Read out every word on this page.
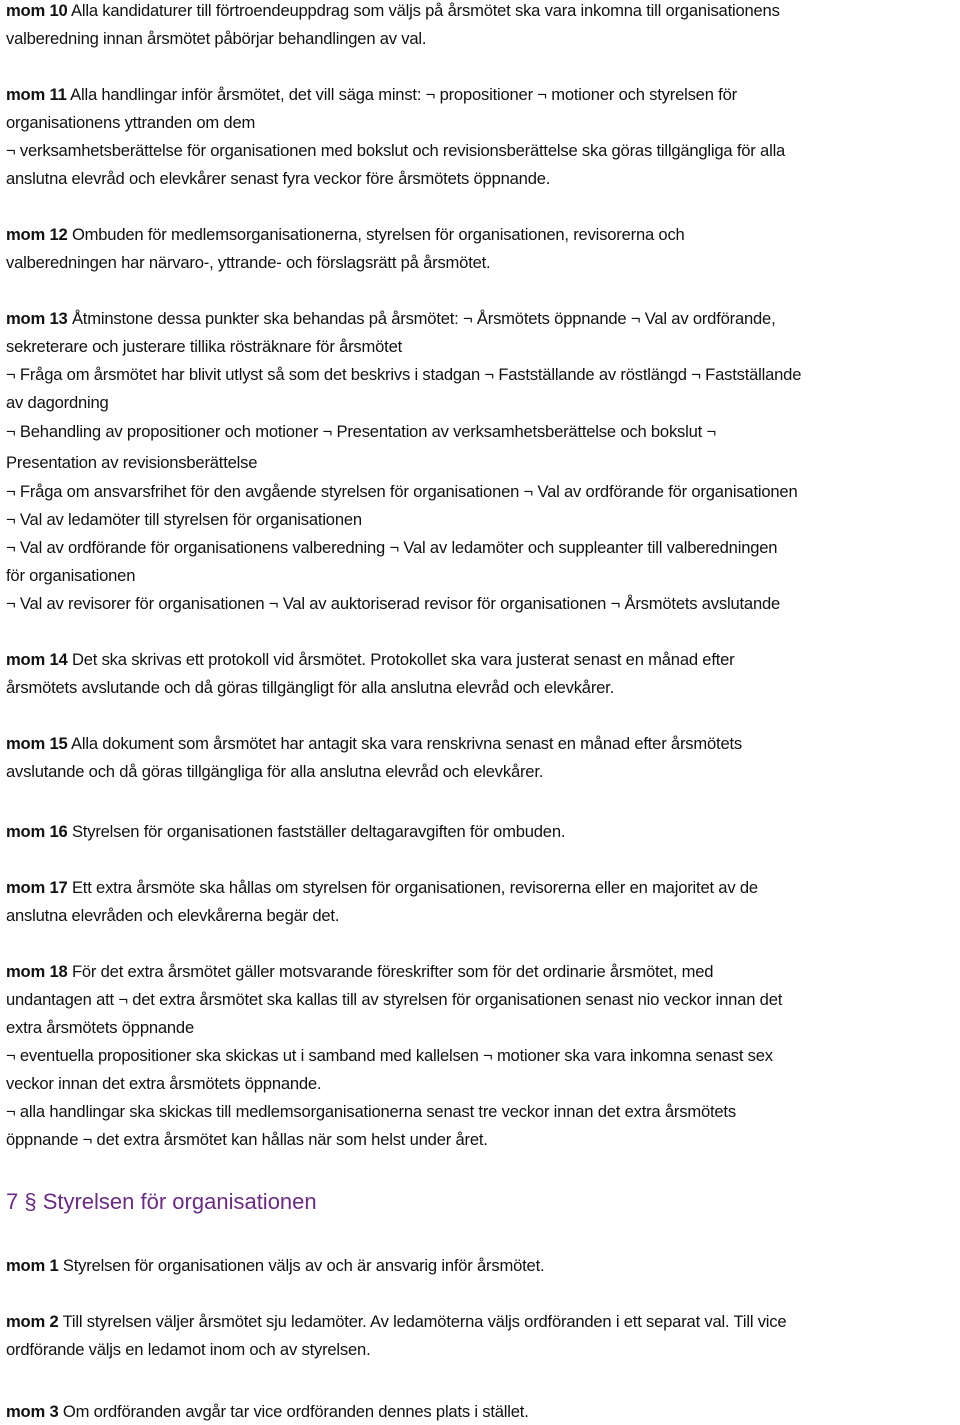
mom 10 Alla kandidaturer till förtroendeuppdrag som väljs på årsmötet ska vara inkomna till organisationens
valberedning innan årsmötet påbörjar behandlingen av val.
mom 11 Alla handlingar inför årsmötet, det vill säga minst: ¬ propositioner ¬ motioner och styrelsen för
organisationens yttranden om dem
¬ verksamhetsberättelse för organisationen med bokslut och revisionsberättelse ska göras tillgängliga för alla
anslutna elevråd och elevkårer senast fyra veckor före årsmötets öppnande.
mom 12 Ombuden för medlemsorganisationerna, styrelsen för organisationen, revisorerna och
valberedningen har närvaro-, yttrande- och förslagsrätt på årsmötet.
mom 13 Åtminstone dessa punkter ska behandas på årsmötet: ¬ Årsmötets öppnande ¬ Val av ordförande,
sekreterare och justerare tillika rösträknare för årsmötet
¬ Fråga om årsmötet har blivit utlyst så som det beskrivs i stadgan ¬ Fastställande av röstlängd ¬ Fastställande
av dagordning
¬ Behandling av propositioner och motioner ¬ Presentation av verksamhetsberättelse och bokslut ¬
Presentation av revisionsberättelse
¬ Fråga om ansvarsfrihet för den avgående styrelsen för organisationen ¬ Val av ordförande för organisationen
¬ Val av ledamöter till styrelsen för organisationen
¬ Val av ordförande för organisationens valberedning ¬ Val av ledamöter och suppleanter till valberedningen
för organisationen
¬ Val av revisorer för organisationen ¬ Val av auktoriserad revisor för organisationen ¬ Årsmötets avslutande
mom 14 Det ska skrivas ett protokoll vid årsmötet. Protokollet ska vara justerat senast en månad efter
årsmötets avslutande och då göras tillgängligt för alla anslutna elevråd och elevkårer.
mom 15 Alla dokument som årsmötet har antagit ska vara renskrivna senast en månad efter årsmötets
avslutande och då göras tillgängliga för alla anslutna elevråd och elevkårer.
mom 16 Styrelsen för organisationen fastställer deltagaravgiften för ombuden.
mom 17 Ett extra årsmöte ska hållas om styrelsen för organisationen, revisorerna eller en majoritet av de
anslutna elevråden och elevkårerna begär det.
mom 18 För det extra årsmötet gäller motsvarande föreskrifter som för det ordinarie årsmötet, med
undantagen att ¬ det extra årsmötet ska kallas till av styrelsen för organisationen senast nio veckor innan det
extra årsmötets öppnande
¬ eventuella propositioner ska skickas ut i samband med kallelsen ¬ motioner ska vara inkomna senast sex
veckor innan det extra årsmötets öppnande.
¬ alla handlingar ska skickas till medlemsorganisationerna senast tre veckor innan det extra årsmötets
öppnande ¬ det extra årsmötet kan hållas när som helst under året.
7 § Styrelsen för organisationen
mom 1 Styrelsen för organisationen väljs av och är ansvarig inför årsmötet.
mom 2 Till styrelsen väljer årsmötet sju ledamöter. Av ledamöterna väljs ordföranden i ett separat val. Till vice
ordförande väljs en ledamot inom och av styrelsen.
mom 3 Om ordföranden avgår tar vice ordföranden dennes plats i stället.
